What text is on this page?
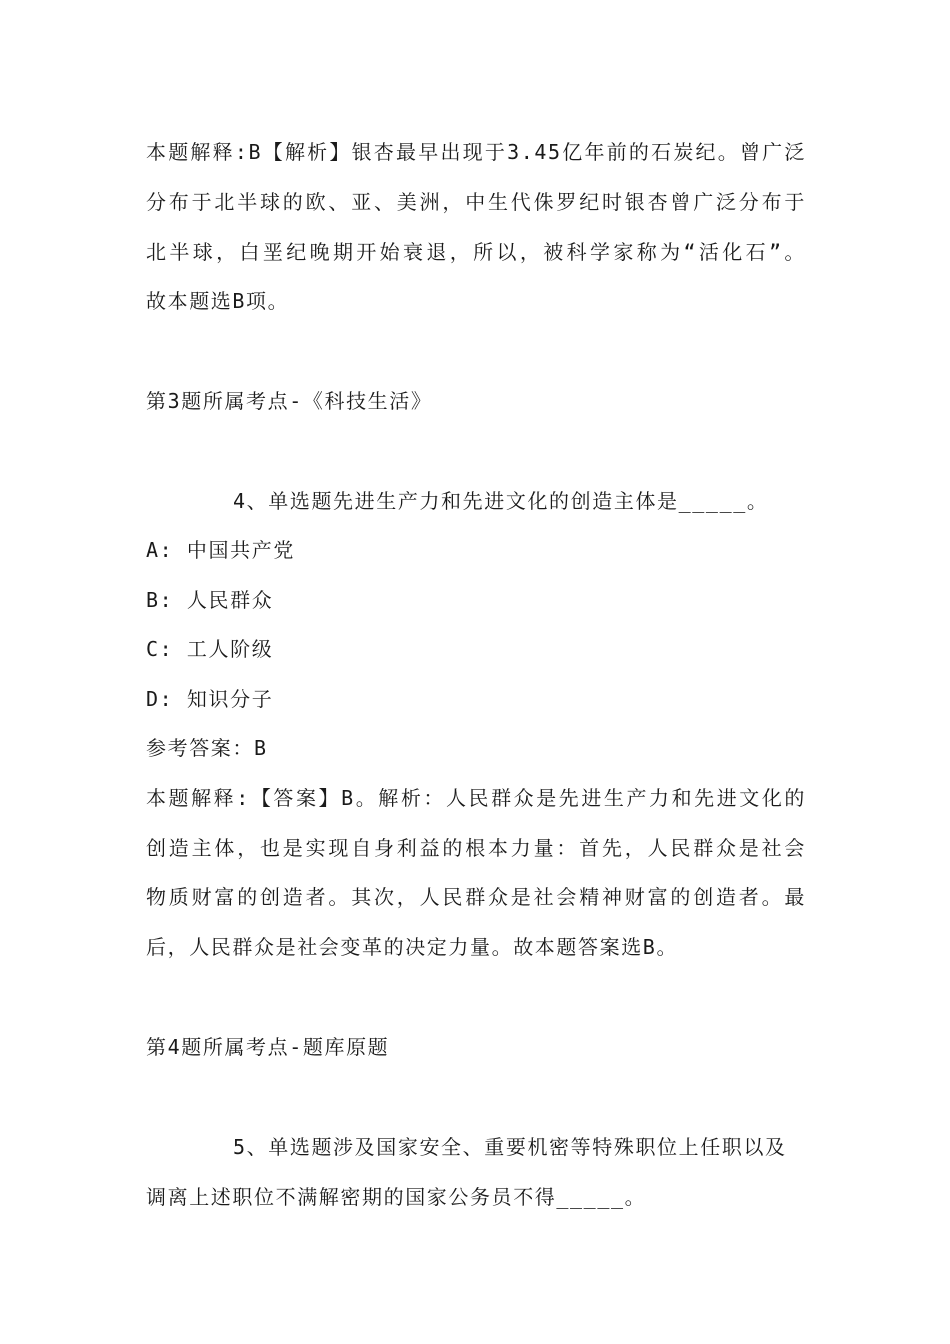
本题解释:B【解析】银杏最早出现于3.45亿年前的石炭纪。曾广泛
分布于北半球的欧、亚、美洲，中生代侏罗纪时银杏曾广泛分布于
北半球，白垩纪晚期开始衰退，所以，被科学家称为“活化石”。
故本题选B项。
第3题所属考点-《科技生活》
4、单选题先进生产力和先进文化的创造主体是_____。
A: 中国共产党
B: 人民群众
C: 工人阶级
D: 知识分子
参考答案：B
本题解释:【答案】B。解析：人民群众是先进生产力和先进文化的
创造主体，也是实现自身利益的根本力量：首先，人民群众是社会
物质财富的创造者。其次，人民群众是社会精神财富的创造者。最
后，人民群众是社会变革的决定力量。故本题答案选B。
第4题所属考点-题库原题
5、单选题涉及国家安全、重要机密等特殊职位上任职以及
调离上述职位不满解密期的国家公务员不得_____。
